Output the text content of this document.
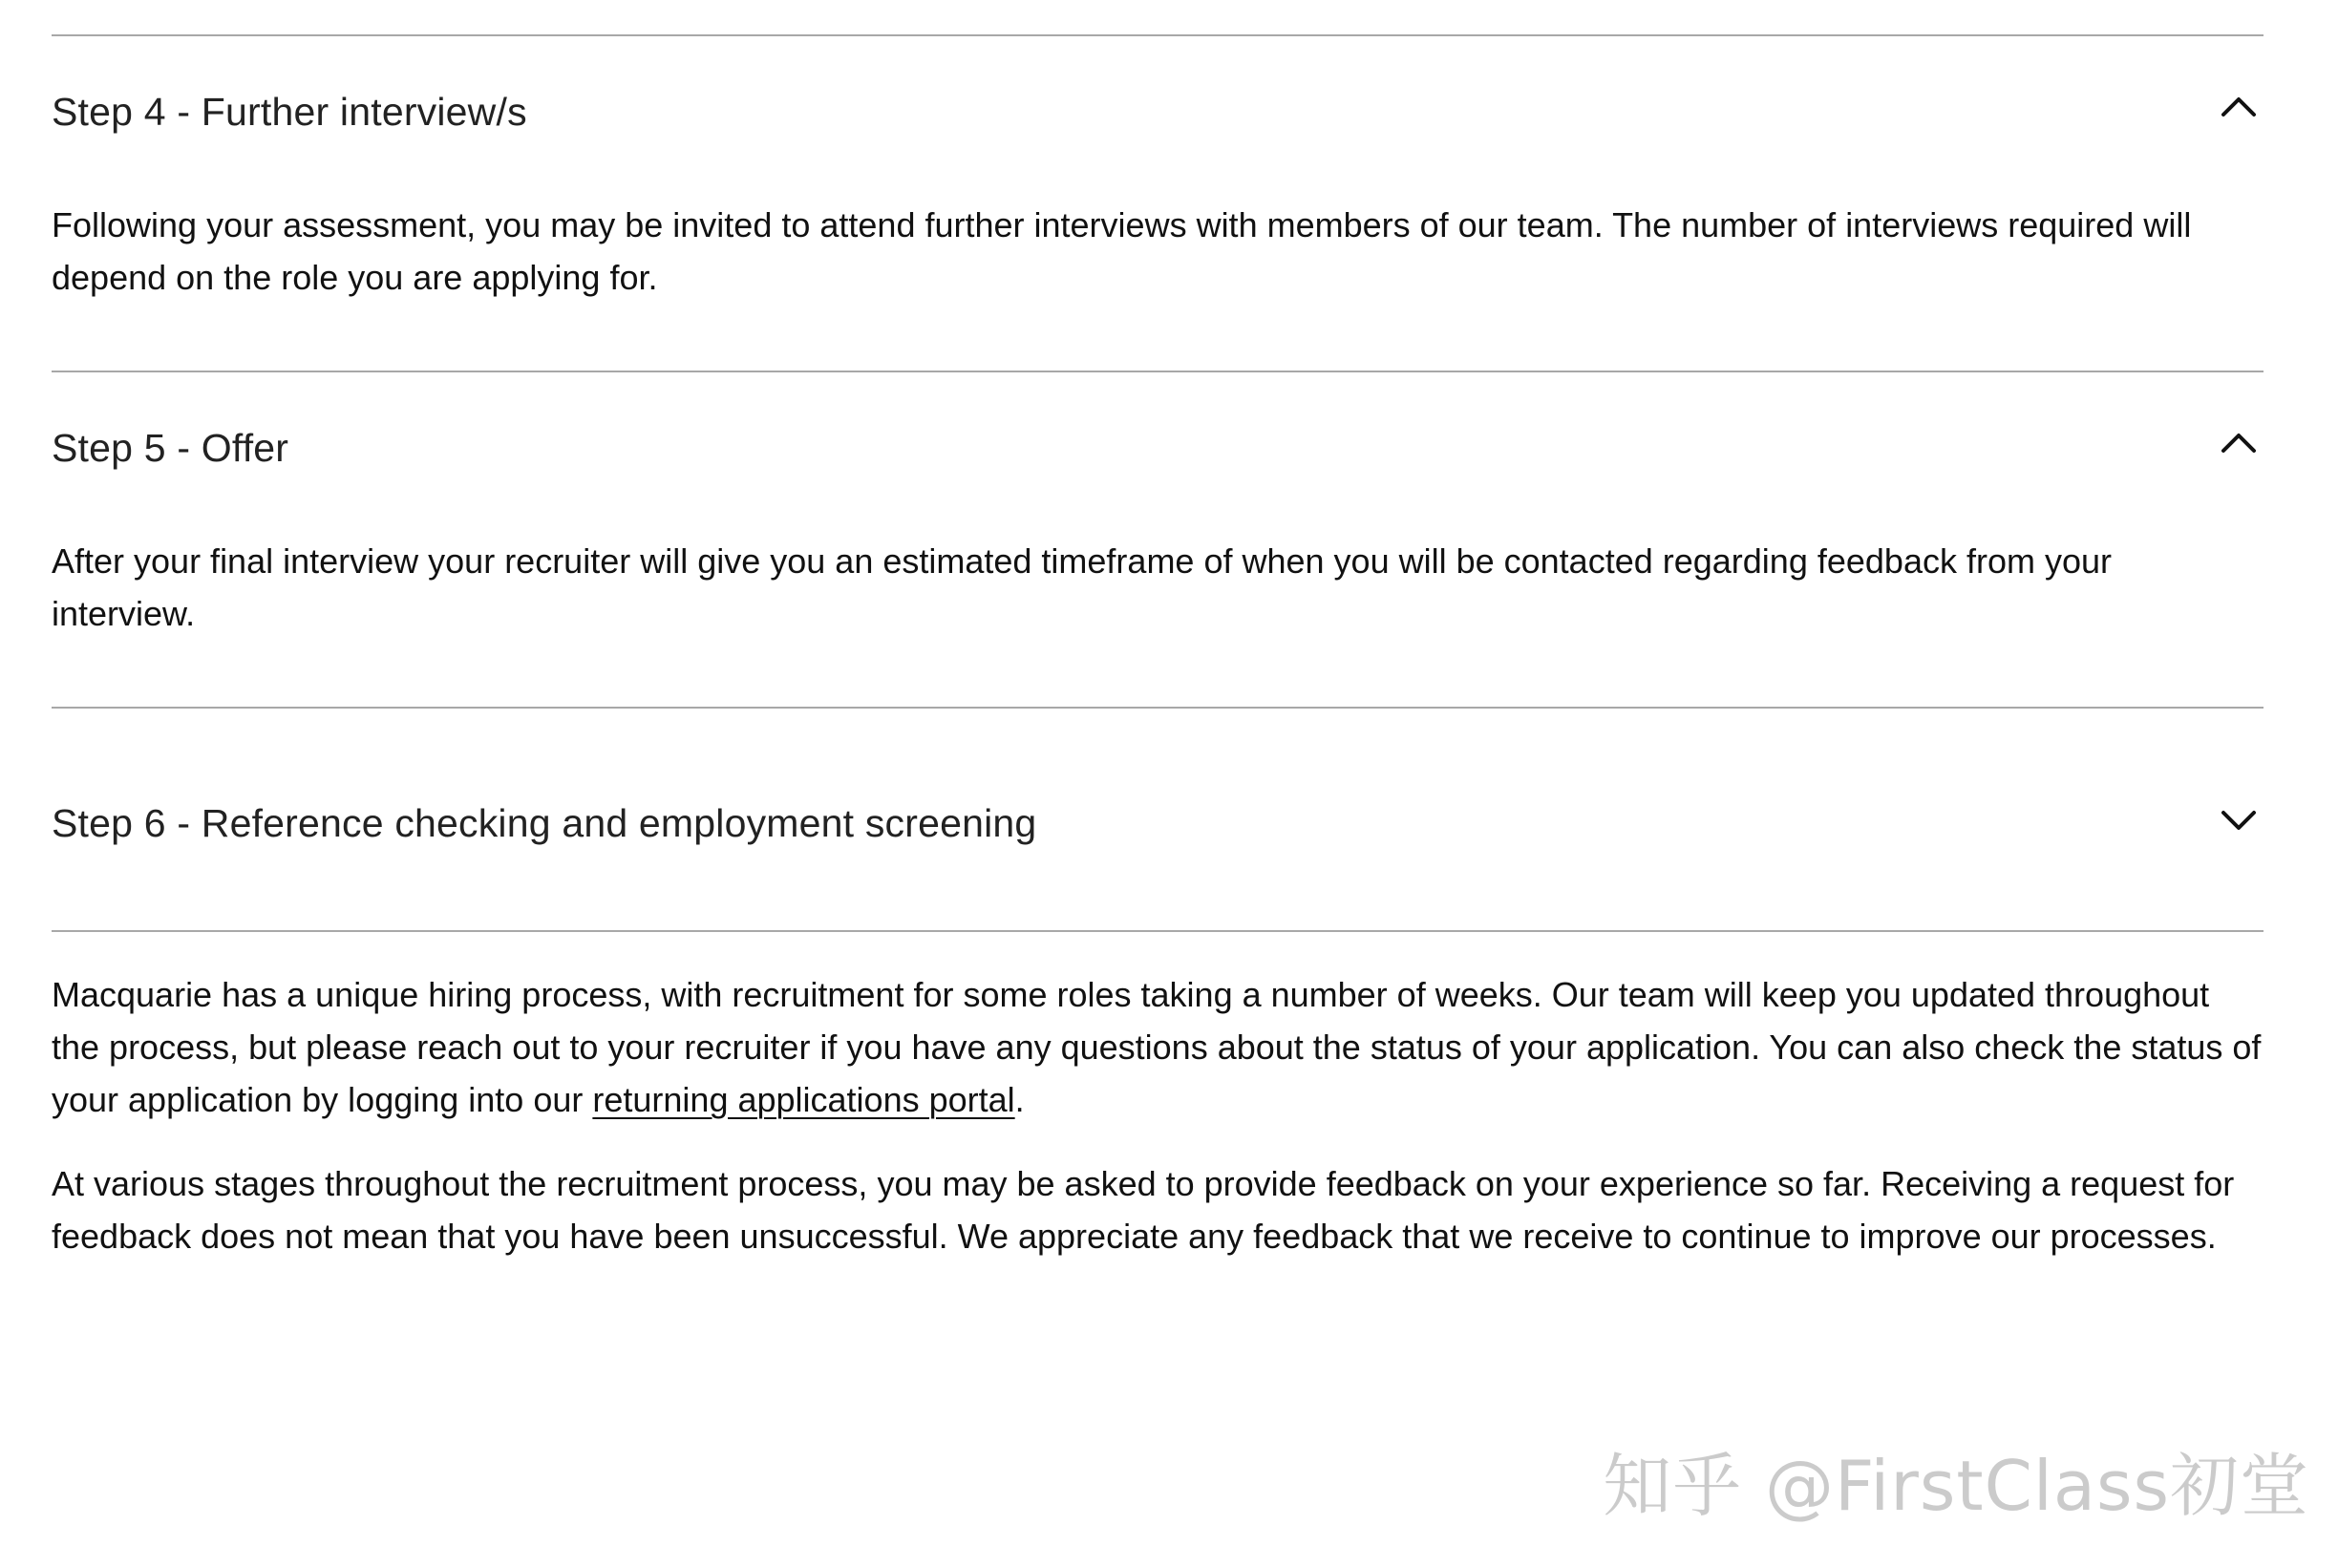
Step 4 - Further interview/s

Following your assessment, you may be invited to attend further interviews with members of our team. The number of interviews required will depend on the role you are applying for.

Step 5 - Offer

After your final interview your recruiter will give you an estimated timeframe of when you will be contacted regarding feedback from your interview.

Step 6 - Reference checking and employment screening

Macquarie has a unique hiring process, with recruitment for some roles taking a number of weeks. Our team will keep you updated throughout the process, but please reach out to your recruiter if you have any questions about the status of your application. You can also check the status of your application by logging into our returning applications portal.

At various stages throughout the recruitment process, you may be asked to provide feedback on your experience so far. Receiving a request for feedback does not mean that you have been unsuccessful. We appreciate any feedback that we receive to continue to improve our processes.

知乎 @FirstClass初堂
